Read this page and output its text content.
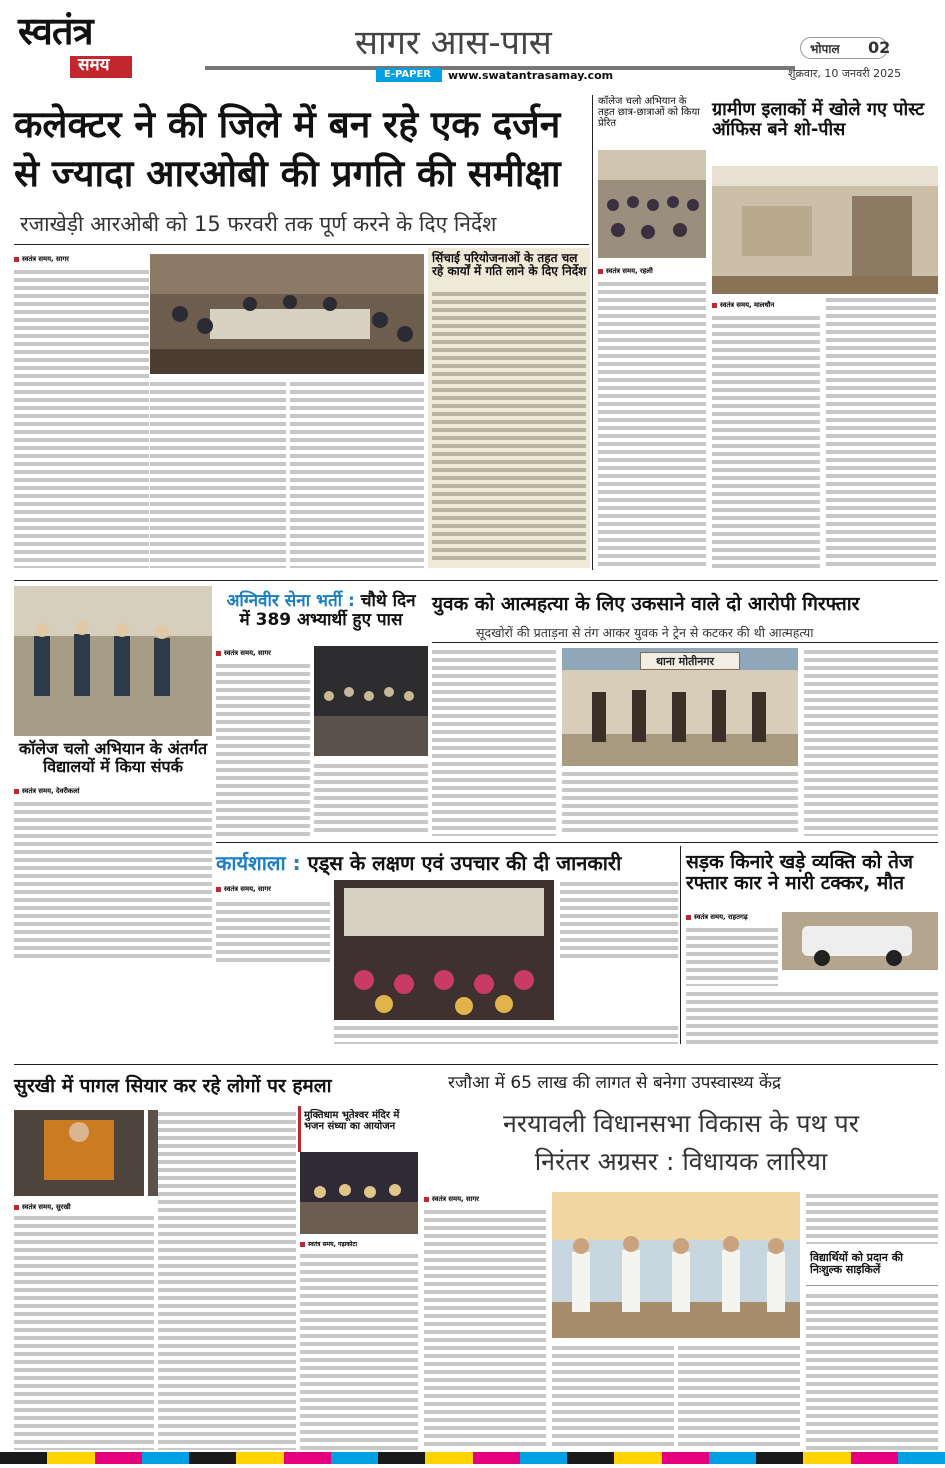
स्वतंत्र
समय
सागर आस-पास
E-PAPER www.swatantrasamay.com
भोपाल 02
शुक्रवार, 10 जनवरी 2025
कलेक्टर ने की जिले में बन रहे एक दर्जन
से ज्यादा आरओबी की प्रगति की समीक्षा
रजाखेड़ी आरओबी को 15 फरवरी तक पूर्ण करने के दिए निर्देश
स्वतंत्र समय, सागर	सिंचाई परियोजनाओं के तहत चल रहे कार्यों में गति लाने के दिए निर्देश
कॉलेज चलो अभियान के तहत छात्र-छात्राओं को किया प्रेरित
स्वतंत्र समय, रहली
ग्रामीण इलाकों में खोले गए पोस्ट ऑफिस बने शो-पीस
स्वतंत्र समय, मालथौन
कॉलेज चलो अभियान के अंतर्गत विद्यालयों में किया संपर्क
स्वतंत्र समय, देवरीकलां
अग्निवीर सेना भर्ती : चौथे दिन
में 389 अभ्यार्थी हुए पास
स्वतंत्र समय, सागर
युवक को आत्महत्या के लिए उकसाने वाले दो आरोपी गिरफ्तार
सूदखोरों की प्रताड़ना से तंग आकर युवक ने ट्रेन से कटकर की थी आत्महत्या
थाना मोतीनगर
कार्यशाला : एड्स के लक्षण एवं उपचार की दी जानकारी
स्वतंत्र समय, सागर
सड़क किनारे खड़े व्यक्ति को तेज रफ्तार कार ने मारी टक्कर, मौत
स्वतंत्र समय, राहतगढ़
सुरखी में पागल सियार कर रहे लोगों पर हमला
स्वतंत्र समय, सुरखी
मुक्तिधाम भूतेश्वर मंदिर में भजन संध्या का आयोजन
स्वतंत्र समय, गढ़ाकोटा
रजौआ में 65 लाख की लागत से बनेगा उपस्वास्थ्य केंद्र
नरयावली विधानसभा विकास के पथ पर
निरंतर अग्रसर : विधायक लारिया
स्वतंत्र समय, सागर
विद्यार्थियों को प्रदान की निःशुल्क साइकिलें
